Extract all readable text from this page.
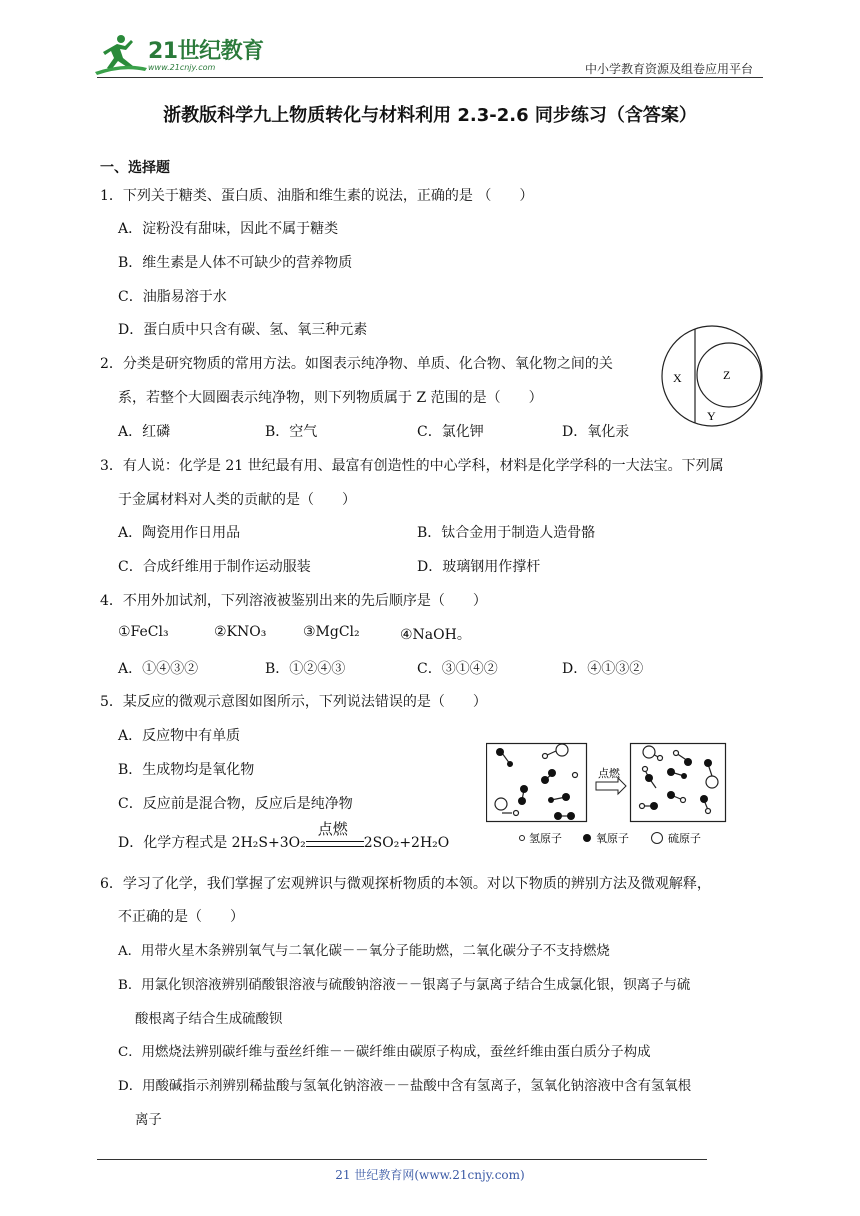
21世纪教育
www.21cnjy.com	中小学教育资源及组卷应用平台
浙教版科学九上物质转化与材料利用 2.3-2.6 同步练习（含答案）
一、选择题
1．下列关于糖类、蛋白质、油脂和维生素的说法，正确的是 （　　）
A．淀粉没有甜味，因此不属于糖类
B．维生素是人体不可缺少的营养物质
C．油脂易溶于水
D．蛋白质中只含有碳、氢、氧三种元素
2．分类是研究物质的常用方法。如图表示纯净物、单质、化合物、氧化物之间的关
系，若整个大圆圈表示纯净物，则下列物质属于 Z 范围的是（　　）
A．红磷	B．空气	C．氯化钾	D．氧化汞
X	Z
Y
3．有人说：化学是 21 世纪最有用、最富有创造性的中心学科，材料是化学学科的一大法宝。下列属
于金属材料对人类的贡献的是（　　）
A．陶瓷用作日用品	B．钛合金用于制造人造骨骼
C．合成纤维用于制作运动服装	D．玻璃钢用作撑杆
4．不用外加试剂，下列溶液被鉴别出来的先后顺序是（　　）
①FeCl₃	②KNO₃	③MgCl₂	④NaOH。
A．①④③②	B．①②④③	C．③①④②	D．④①③②
5．某反应的微观示意图如图所示，下列说法错误的是（　　）
A．反应物中有单质
B．生成物均是氧化物
C．反应前是混合物，反应后是纯净物
D．化学方程式是 2H₂S+3O₂
点燃
2SO₂+2H₂O
点燃
氢原子	氧原子	硫原子
6．学习了化学，我们掌握了宏观辨识与微观探析物质的本领。对以下物质的辨别方法及微观解释，
不正确的是（　　）
A．用带火星木条辨别氧气与二氧化碳－－氧分子能助燃，二氧化碳分子不支持燃烧
B．用氯化钡溶液辨别硝酸银溶液与硫酸钠溶液－－银离子与氯离子结合生成氯化银，钡离子与硫
酸根离子结合生成硫酸钡
C．用燃烧法辨别碳纤维与蚕丝纤维－－碳纤维由碳原子构成，蚕丝纤维由蛋白质分子构成
D．用酸碱指示剂辨别稀盐酸与氢氧化钠溶液－－盐酸中含有氢离子，氢氧化钠溶液中含有氢氧根
离子
21 世纪教育网(www.21cnjy.com)
